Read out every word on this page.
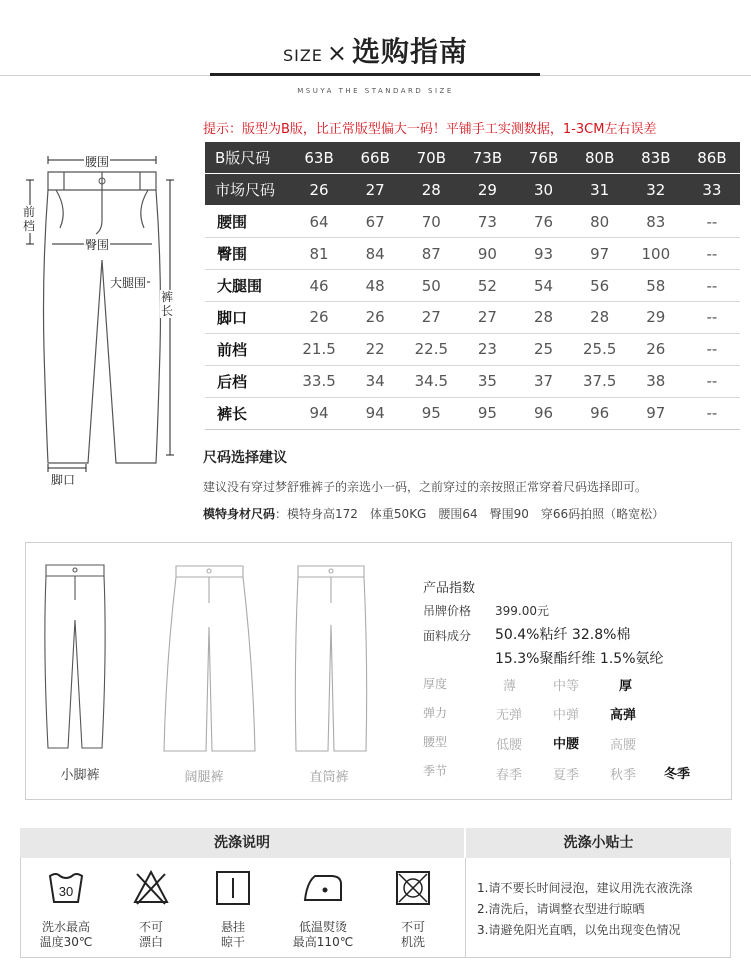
SIZE × 选购指南
MSUYA THE STANDARD SIZE
提示：版型为B版，比正常版型偏大一码！平铺手工实测数据，1-3CM左右误差
腰围
前档
臀围
大腿围
裤长
脚口
B版尺码	63B	66B	70B	73B	76B	80B	83B	86B
市场尺码	26	27	28	29	30	31	32	33
腰围	64	67	70	73	76	80	83	--
臀围	81	84	87	90	93	97	100	--
大腿围	46	48	50	52	54	56	58	--
脚口	26	26	27	27	28	28	29	--
前档	21.5	22	22.5	23	25	25.5	26	--
后档	33.5	34	34.5	35	37	37.5	38	--
裤长	94	94	95	95	96	96	97	--
尺码选择建议
建议没有穿过梦舒雅裤子的亲选小一码，之前穿过的亲按照正常穿着尺码选择即可。
模特身材尺码：模特身高172　体重50KG　腰围64　臀围90　穿66码拍照（略宽松）
小脚裤	阔腿裤	直筒裤
产品指数
吊牌价格 399.00元
面料成分 50.4%粘纤 32.8%棉
15.3%聚酯纤维 1.5%氨纶
厚度	薄	中等	厚
弹力	无弹 中弹 高弹
腰型	低腰 中腰 高腰
季节	春季 夏季 秋季 冬季
洗涤说明	洗涤小贴士
30
洗水最高
温度30℃
不可
漂白
悬挂
晾干
低温熨烫
最高110℃
不可
机洗
1.请不要长时间浸泡，建议用洗衣液洗涤
2.清洗后，请调整衣型进行晾晒
3.请避免阳光直晒，以免出现变色情况
